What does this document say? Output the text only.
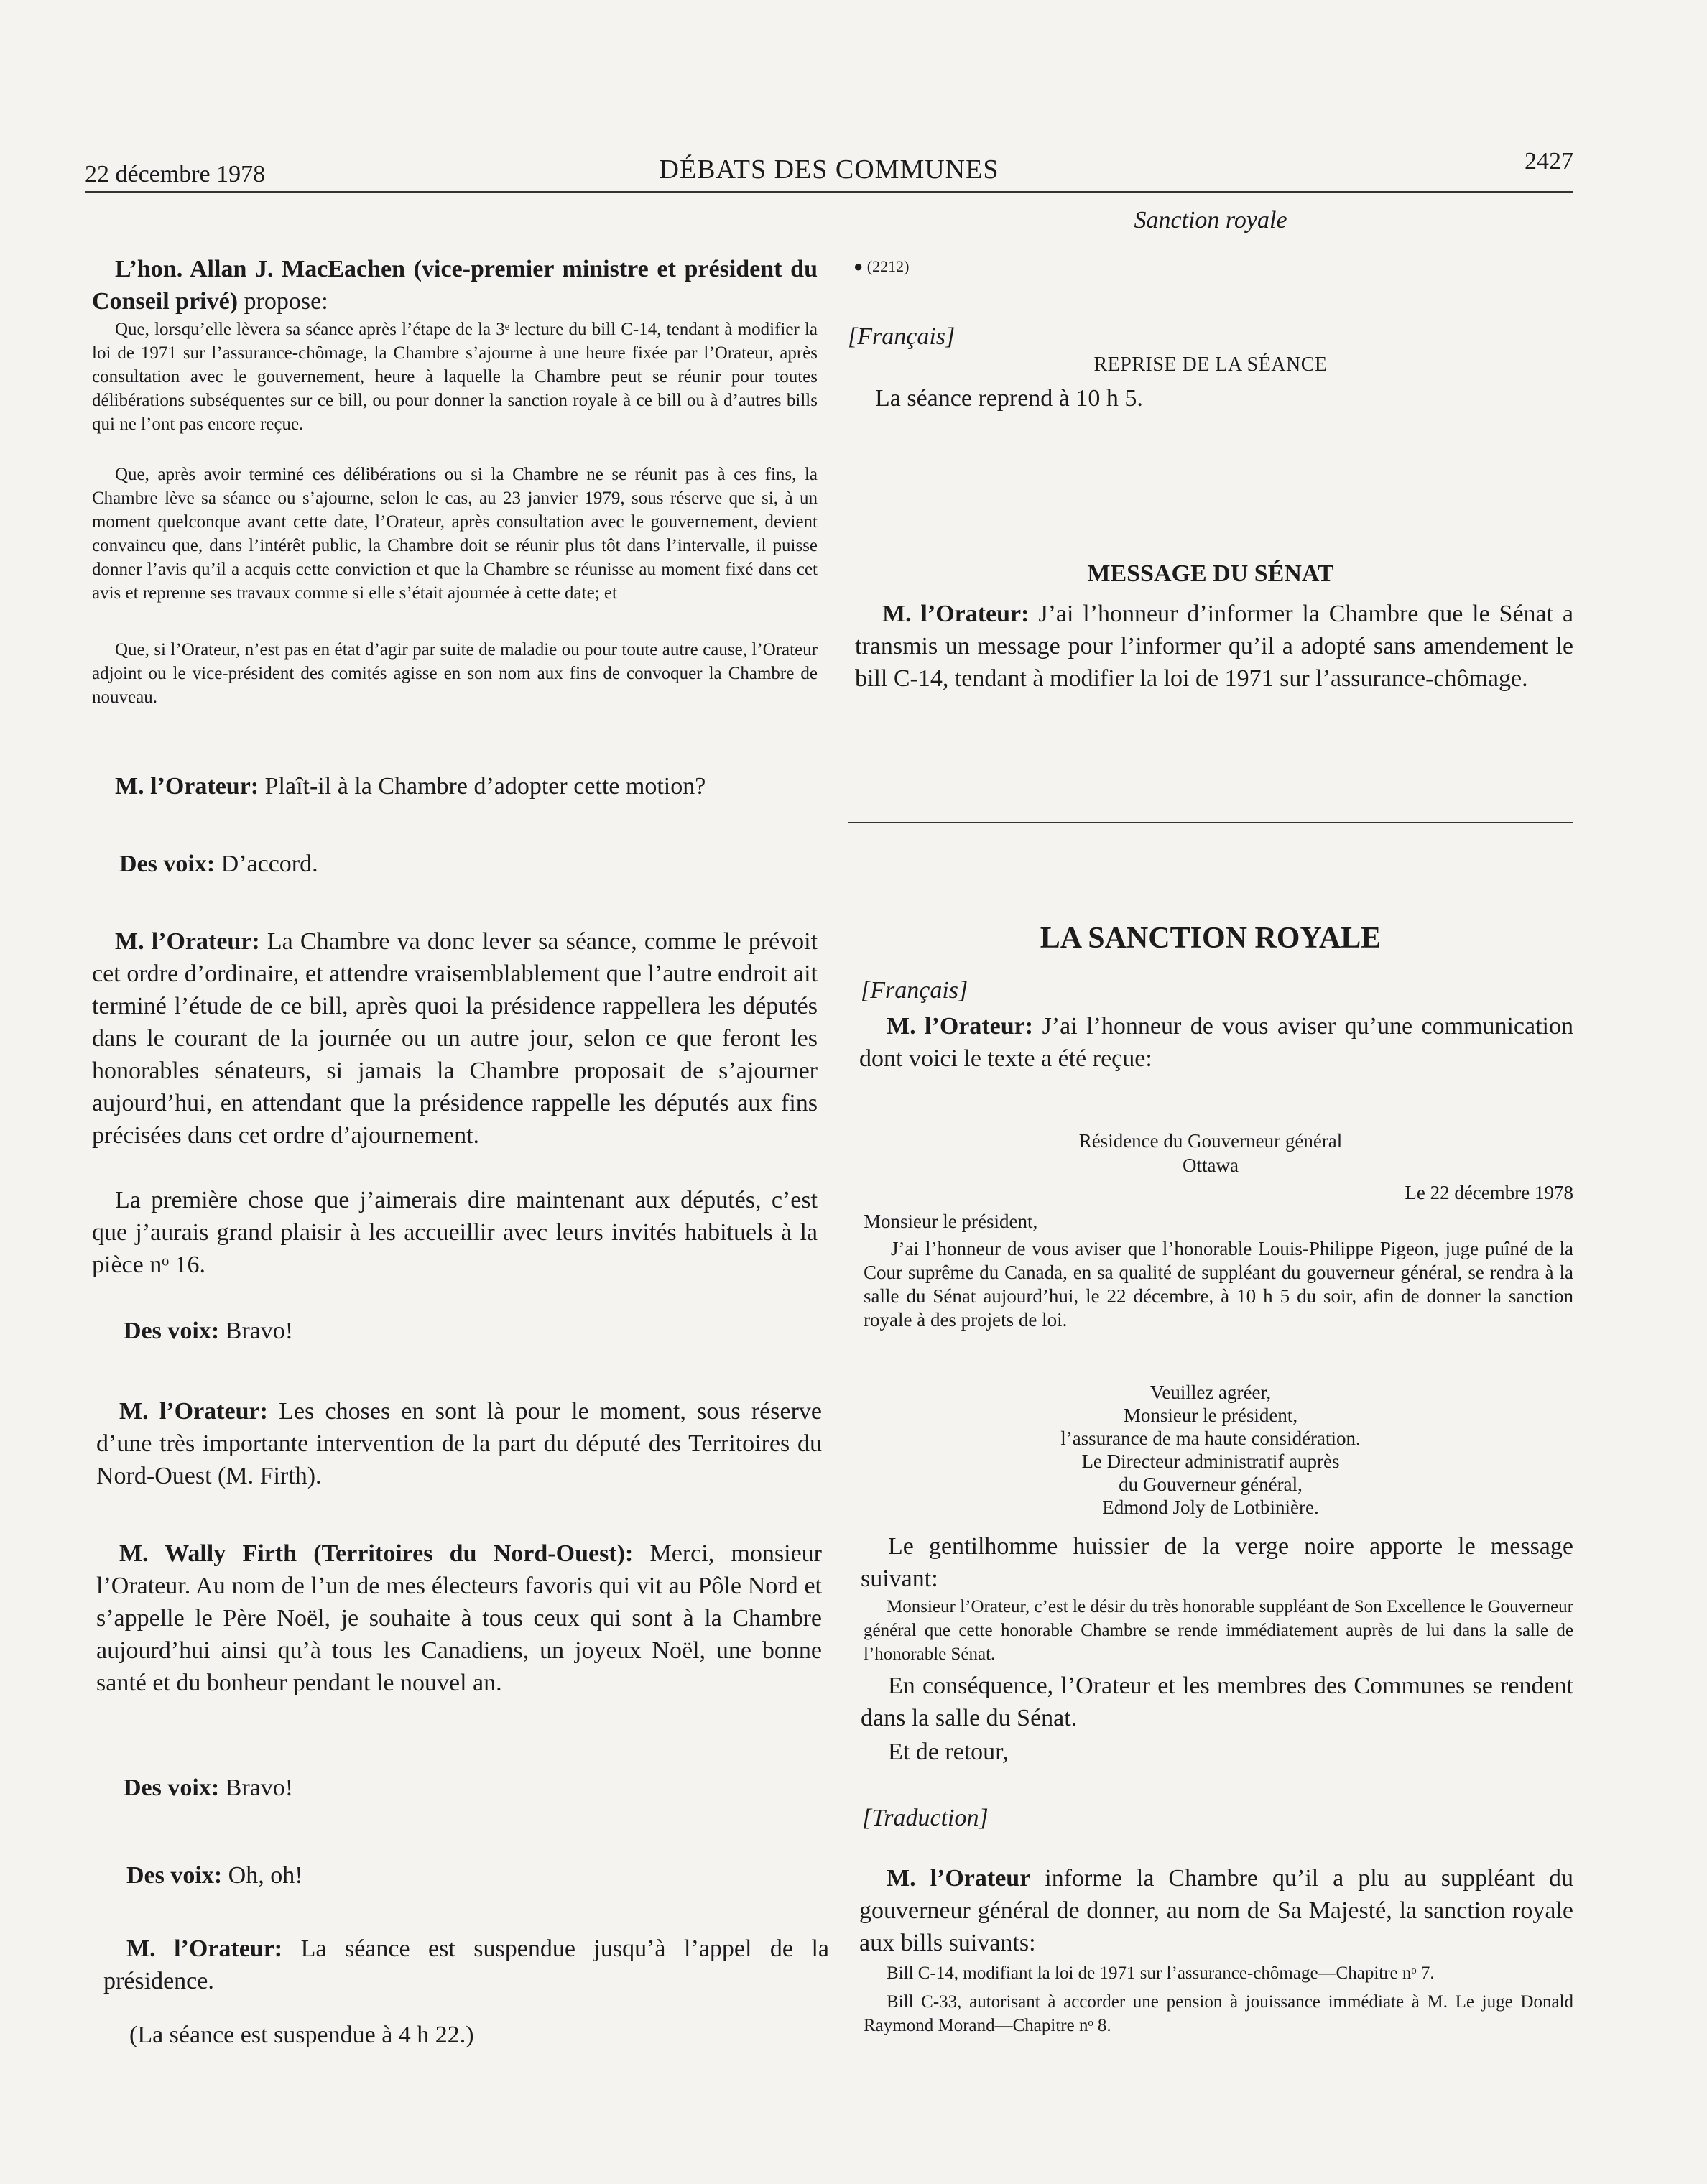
22 décembre 1978	DÉBATS DES COMMUNES	2427

L’hon. Allan J. MacEachen (vice-premier ministre et président du Conseil privé) propose:

Que, lorsqu’elle lèvera sa séance après l’étape de la 3ᵉ lecture du bill C-14, tendant à modifier la loi de 1971 sur l’assurance-chômage, la Chambre s’ajourne à une heure fixée par l’Orateur, après consultation avec le gouvernement, heure à laquelle la Chambre peut se réunir pour toutes délibérations subséquentes sur ce bill, ou pour donner la sanction royale à ce bill ou à d’autres bills qui ne l’ont pas encore reçue.

Que, après avoir terminé ces délibérations ou si la Chambre ne se réunit pas à ces fins, la Chambre lève sa séance ou s’ajourne, selon le cas, au 23 janvier 1979, sous réserve que si, à un moment quelconque avant cette date, l’Orateur, après consultation avec le gouvernement, devient convaincu que, dans l’intérêt public, la Chambre doit se réunir plus tôt dans l’intervalle, il puisse donner l’avis qu’il a acquis cette conviction et que la Chambre se réunisse au moment fixé dans cet avis et reprenne ses travaux comme si elle s’était ajournée à cette date; et

Que, si l’Orateur, n’est pas en état d’agir par suite de maladie ou pour toute autre cause, l’Orateur adjoint ou le vice-président des comités agisse en son nom aux fins de convoquer la Chambre de nouveau.

M. l’Orateur: Plaît-il à la Chambre d’adopter cette motion?

Des voix: D’accord.

M. l’Orateur: La Chambre va donc lever sa séance, comme le prévoit cet ordre d’ordinaire, et attendre vraisemblablement que l’autre endroit ait terminé l’étude de ce bill, après quoi la présidence rappellera les députés dans le courant de la journée ou un autre jour, selon ce que feront les honorables sénateurs, si jamais la Chambre proposait de s’ajourner aujourd’hui, en attendant que la présidence rappelle les députés aux fins précisées dans cet ordre d’ajournement.

La première chose que j’aimerais dire maintenant aux députés, c’est que j’aurais grand plaisir à les accueillir avec leurs invités habituels à la pièce nᵒ 16.

Des voix: Bravo!

M. l’Orateur: Les choses en sont là pour le moment, sous réserve d’une très importante intervention de la part du député des Territoires du Nord-Ouest (M. Firth).

M. Wally Firth (Territoires du Nord-Ouest): Merci, monsieur l’Orateur. Au nom de l’un de mes électeurs favoris qui vit au Pôle Nord et s’appelle le Père Noël, je souhaite à tous ceux qui sont à la Chambre aujourd’hui ainsi qu’à tous les Canadiens, un joyeux Noël, une bonne santé et du bonheur pendant le nouvel an.

Des voix: Bravo!

Des voix: Oh, oh!

M. l’Orateur: La séance est suspendue jusqu’à l’appel de la présidence.

(La séance est suspendue à 4 h 22.)

Sanction royale

● (2212)

[Français]

REPRISE DE LA SÉANCE

La séance reprend à 10 h 5.

MESSAGE DU SÉNAT

M. l’Orateur: J’ai l’honneur d’informer la Chambre que le Sénat a transmis un message pour l’informer qu’il a adopté sans amendement le bill C-14, tendant à modifier la loi de 1971 sur l’assurance-chômage.

LA SANCTION ROYALE

[Français]

M. l’Orateur: J’ai l’honneur de vous aviser qu’une communication dont voici le texte a été reçue:

Résidence du Gouverneur général

Ottawa

Le 22 décembre 1978

Monsieur le président,

J’ai l’honneur de vous aviser que l’honorable Louis-Philippe Pigeon, juge puîné de la Cour suprême du Canada, en sa qualité de suppléant du gouverneur général, se rendra à la salle du Sénat aujourd’hui, le 22 décembre, à 10 h 5 du soir, afin de donner la sanction royale à des projets de loi.

Veuillez agréer,

Monsieur le président,

l’assurance de ma haute considération.

Le Directeur administratif auprès

du Gouverneur général,

Edmond Joly de Lotbinière.

Le gentilhomme huissier de la verge noire apporte le message suivant:

Monsieur l’Orateur, c’est le désir du très honorable suppléant de Son Excellence le Gouverneur général que cette honorable Chambre se rende immédiatement auprès de lui dans la salle de l’honorable Sénat.

En conséquence, l’Orateur et les membres des Communes se rendent dans la salle du Sénat.

Et de retour,

[Traduction]

M. l’Orateur informe la Chambre qu’il a plu au suppléant du gouverneur général de donner, au nom de Sa Majesté, la sanction royale aux bills suivants:

Bill C-14, modifiant la loi de 1971 sur l’assurance-chômage—Chapitre nᵒ 7.

Bill C-33, autorisant à accorder une pension à jouissance immédiate à M. Le juge Donald Raymond Morand—Chapitre nᵒ 8.
